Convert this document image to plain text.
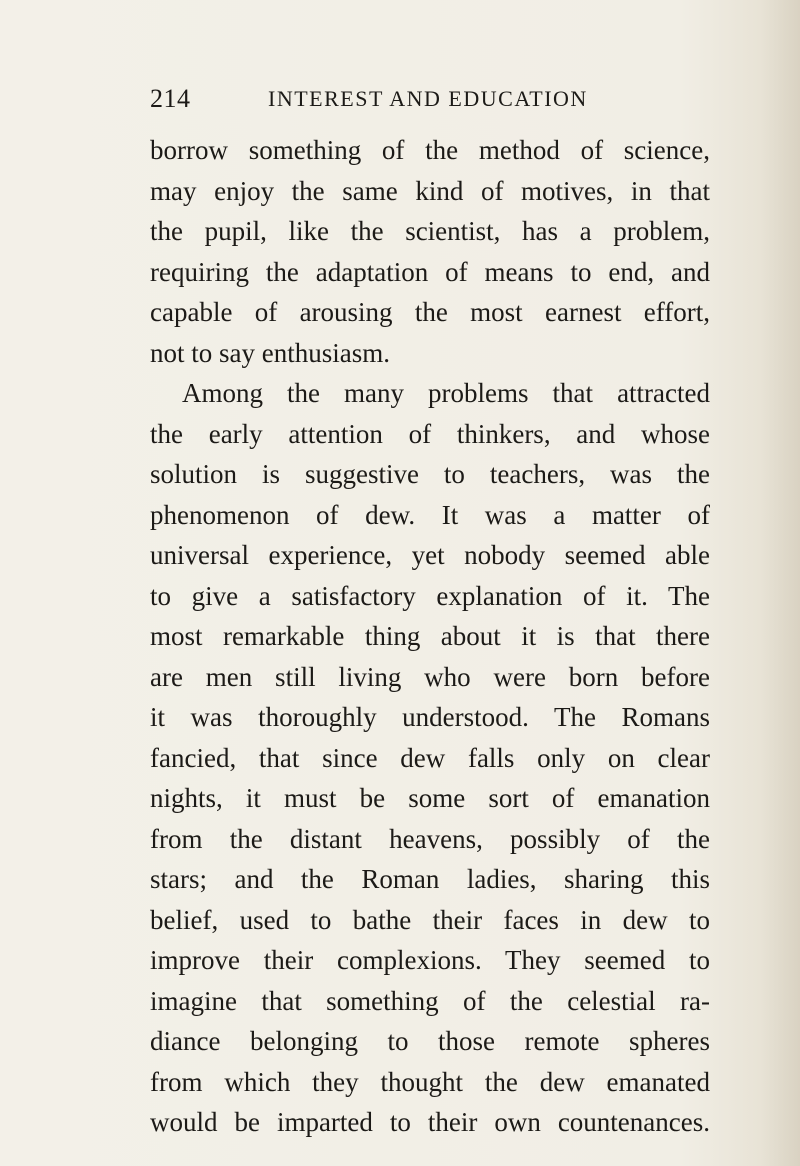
214	INTEREST AND EDUCATION
borrow something of the method of science,
may enjoy the same kind of motives, in that
the pupil, like the scientist, has a problem,
requiring the adaptation of means to end, and
capable of arousing the most earnest effort,
not to say enthusiasm.
Among the many problems that attracted
the early attention of thinkers, and whose
solution is suggestive to teachers, was the
phenomenon of dew. It was a matter of
universal experience, yet nobody seemed able
to give a satisfactory explanation of it. The
most remarkable thing about it is that there
are men still living who were born before
it was thoroughly understood. The Romans
fancied, that since dew falls only on clear
nights, it must be some sort of emanation
from the distant heavens, possibly of the
stars; and the Roman ladies, sharing this
belief, used to bathe their faces in dew to
improve their complexions. They seemed to
imagine that something of the celestial ra-
diance belonging to those remote spheres
from which they thought the dew emanated
would be imparted to their own countenances.
